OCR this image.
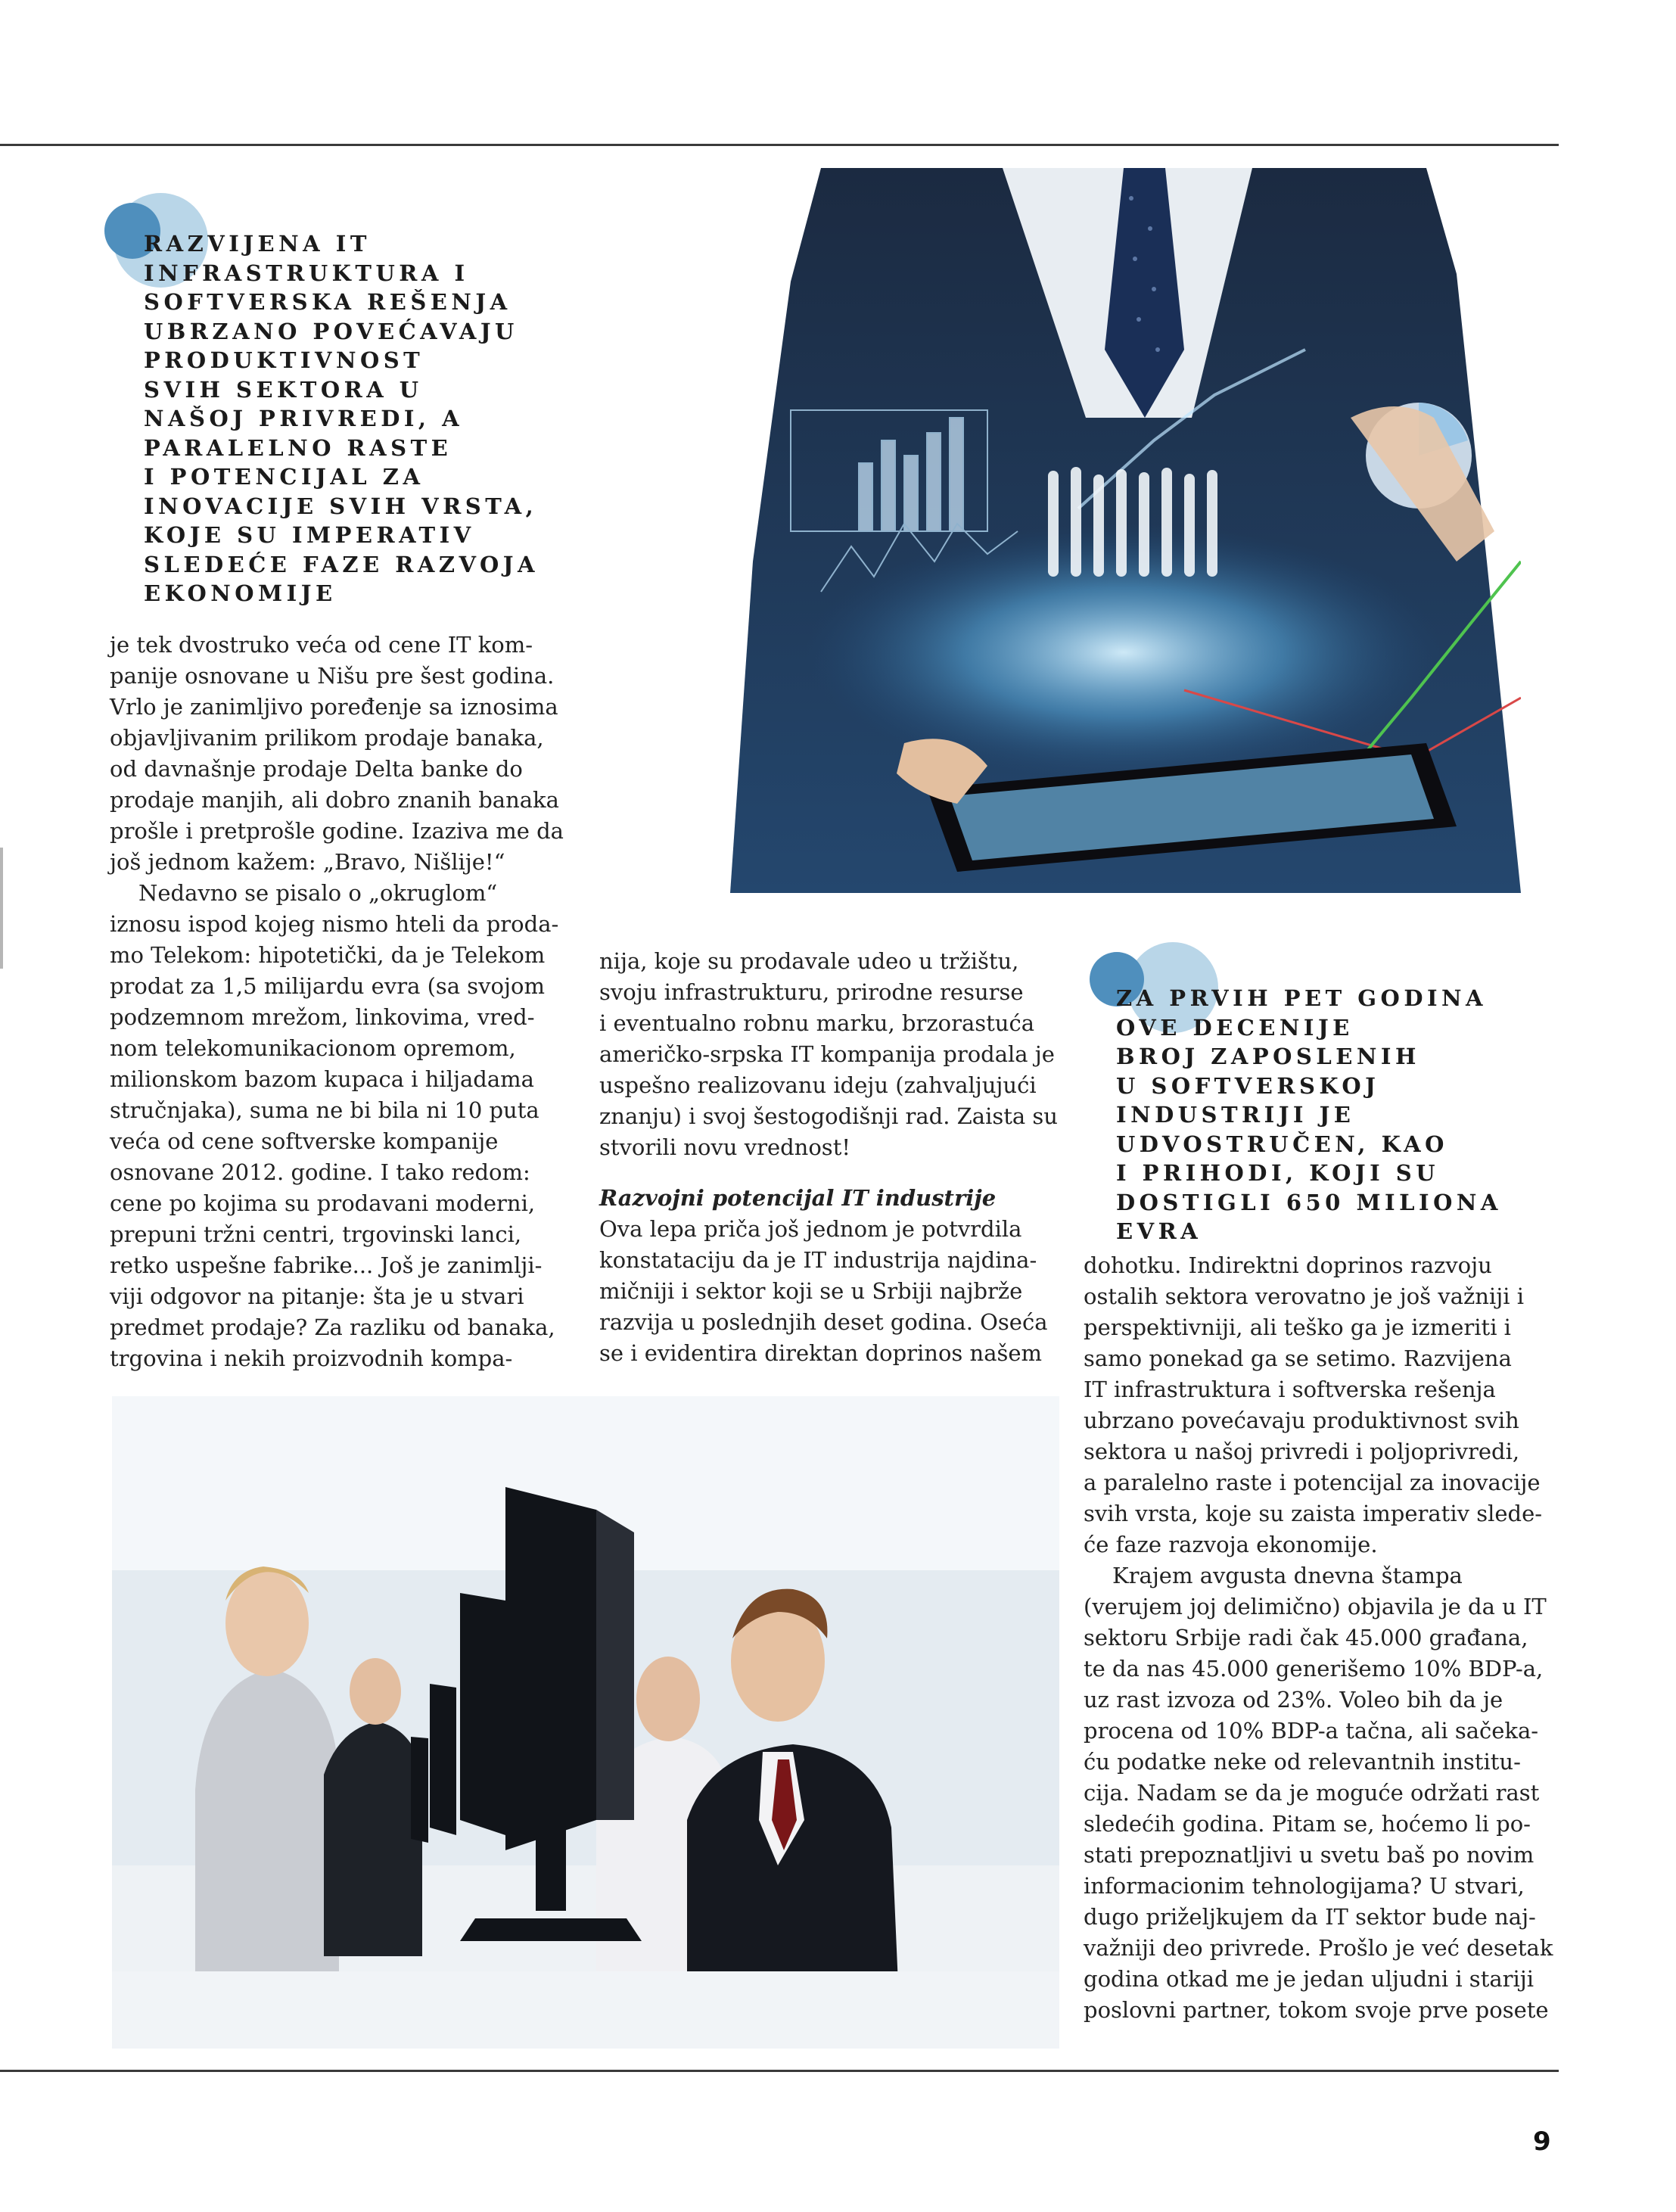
RAZVIJENA IT
INFRASTRUKTURA I
SOFTVERSKA REŠENJA
UBRZANO POVEĆAVAJU
PRODUKTIVNOST
SVIH SEKTORA U
NAŠOJ PRIVREDI, A
PARALELNO RASTE
I POTENCIJAL ZA
INOVACIJE SVIH VRSTA,
KOJE SU IMPERATIV
SLEDEĆE FAZE RAZVOJA
EKONOMIJE
je tek dvostruko veća od cene IT kom-
panije osnovane u Nišu pre šest godina.
Vrlo je zanimljivo poređenje sa iznosima
objavljivanim prilikom prodaje banaka,
od davnašnje prodaje Delta banke do
prodaje manjih, ali dobro znanih banaka
prošle i pretprošle godine. Izaziva me da
još jednom kažem: „Bravo, Nišlije!“
Nedavno se pisalo o „okruglom“
iznosu ispod kojeg nismo hteli da proda-
mo Telekom: hipotetički, da je Telekom
prodat za 1,5 milijardu evra (sa svojom
podzemnom mrežom, linkovima, vred-
nom telekomunikacionom opremom,
milionskom bazom kupaca i hiljadama
stručnjaka), suma ne bi bila ni 10 puta
veća od cene softverske kompanije
osnovane 2012. godine. I tako redom:
cene po kojima su prodavani moderni,
prepuni tržni centri, trgovinski lanci,
retko uspešne fabrike... Još je zanimlji-
viji odgovor na pitanje: šta je u stvari
predmet prodaje? Za razliku od banaka,
trgovina i nekih proizvodnih kompa-
nija, koje su prodavale udeo u tržištu,
svoju infrastrukturu, prirodne resurse
i eventualno robnu marku, brzorastuća
američko-srpska IT kompanija prodala je
uspešno realizovanu ideju (zahvaljujući
znanju) i svoj šestogodišnji rad. Zaista su
stvorili novu vrednost!
Razvojni potencijal IT industrije
Ova lepa priča još jednom je potvrdila
konstataciju da je IT industrija najdina-
mičniji i sektor koji se u Srbiji najbrže
razvija u poslednjih deset godina. Oseća
se i evidentira direktan doprinos našem
ZA PRVIH PET GODINA
OVE DECENIJE
BROJ ZAPOSLENIH
U SOFTVERSKOJ
INDUSTRIJI JE
UDVOSTRUČEN, KAO
I PRIHODI, KOJI SU
DOSTIGLI 650 MILIONA
EVRA
dohotku. Indirektni doprinos razvoju
ostalih sektora verovatno je još važniji i
perspektivniji, ali teško ga je izmeriti i
samo ponekad ga se setimo. Razvijena
IT infrastruktura i softverska rešenja
ubrzano povećavaju produktivnost svih
sektora u našoj privredi i poljoprivredi,
a paralelno raste i potencijal za inovacije
svih vrsta, koje su zaista imperativ slede-
će faze razvoja ekonomije.
Krajem avgusta dnevna štampa
(verujem joj delimično) objavila je da u IT
sektoru Srbije radi čak 45.000 građana,
te da nas 45.000 generišemo 10% BDP-a,
uz rast izvoza od 23%. Voleo bih da je
procena od 10% BDP-a tačna, ali sačeka-
ću podatke neke od relevantnih institu-
cija. Nadam se da je moguće održati rast
sledećih godina. Pitam se, hoćemo li po-
stati prepoznatljivi u svetu baš po novim
informacionim tehnologijama? U stvari,
dugo priželjkujem da IT sektor bude naj-
važniji deo privrede. Prošlo je već desetak
godina otkad me je jedan uljudni i stariji
poslovni partner, tokom svoje prve posete
9
